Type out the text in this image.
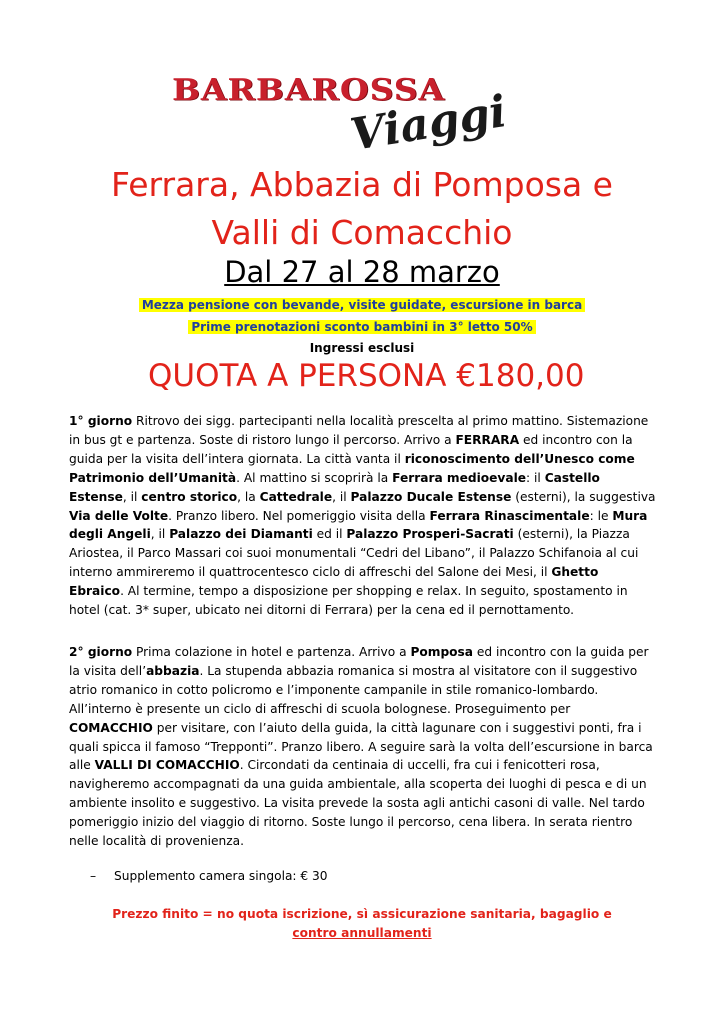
BARBAROSSA
Viaggi
Ferrara, Abbazia di Pomposa e
Valli di Comacchio
Dal 27 al 28 marzo
Mezza pensione con bevande, visite guidate, escursione in barca
Prime prenotazioni sconto bambini in 3° letto 50%
Ingressi esclusi
QUOTA A PERSONA €180,00
1° giorno Ritrovo dei sigg. partecipanti nella località prescelta al primo mattino. Sistemazione in bus gt e partenza. Soste di ristoro lungo il percorso. Arrivo a FERRARA ed incontro con la guida per la visita dell’intera giornata. La città vanta il riconoscimento dell’Unesco come Patrimonio dell’Umanità. Al mattino si scoprirà la Ferrara medioevale: il Castello Estense, il centro storico, la Cattedrale, il Palazzo Ducale Estense (esterni), la suggestiva Via delle Volte. Pranzo libero. Nel pomeriggio visita della Ferrara Rinascimentale: le Mura degli Angeli, il Palazzo dei Diamanti ed il Palazzo Prosperi-Sacrati (esterni), la Piazza Ariostea, il Parco Massari coi suoi monumentali “Cedri del Libano”, il Palazzo Schifanoia al cui interno ammireremo il quattrocentesco ciclo di affreschi del Salone dei Mesi, il Ghetto Ebraico. Al termine, tempo a disposizione per shopping e relax. In seguito, spostamento in hotel (cat. 3* super, ubicato nei ditorni di Ferrara) per la cena ed il pernottamento.
2° giorno Prima colazione in hotel e partenza. Arrivo a Pomposa ed incontro con la guida per la visita dell’abbazia. La stupenda abbazia romanica si mostra al visitatore con il suggestivo atrio romanico in cotto policromo e l’imponente campanile in stile romanico-lombardo. All’interno è presente un ciclo di affreschi di scuola bolognese. Proseguimento per COMACCHIO per visitare, con l’aiuto della guida, la città lagunare con i suggestivi ponti, fra i quali spicca il famoso “Trepponti”. Pranzo libero. A seguire sarà la volta dell’escursione in barca alle VALLI DI COMACCHIO. Circondati da centinaia di uccelli, fra cui i fenicotteri rosa, navigheremo accompagnati da una guida ambientale, alla scoperta dei luoghi di pesca e di un ambiente insolito e suggestivo. La visita prevede la sosta agli antichi casoni di valle. Nel tardo pomeriggio inizio del viaggio di ritorno. Soste lungo il percorso, cena libera. In serata rientro nelle località di provenienza.
– Supplemento camera singola: € 30
Prezzo finito = no quota iscrizione, sì assicurazione sanitaria, bagaglio e contro annullamenti
